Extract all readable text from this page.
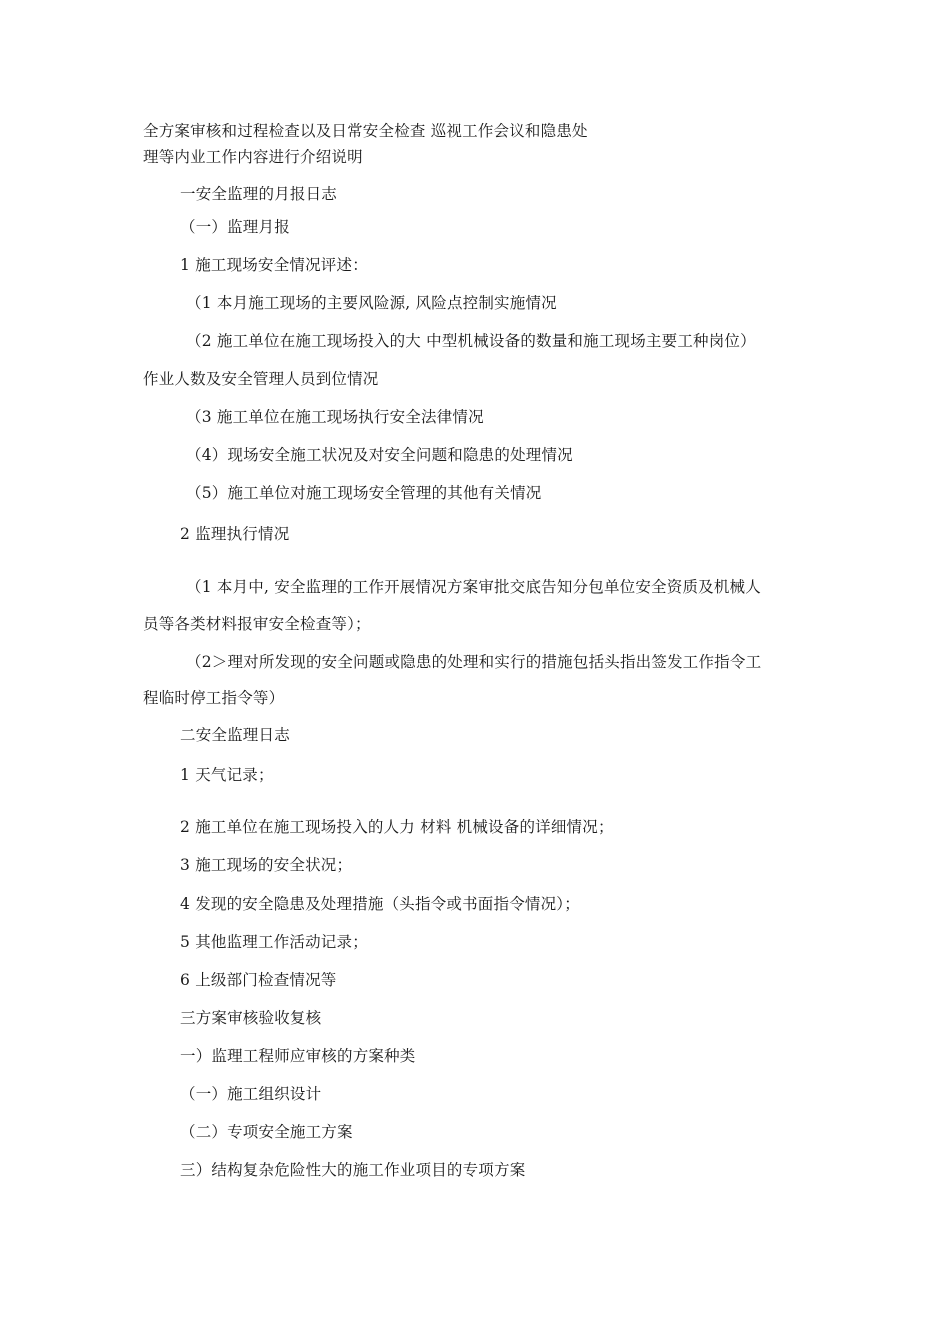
全方案审核和过程检查以及日常安全检查 巡视工作会议和隐患处
理等内业工作内容进行介绍说明
一安全监理的月报日志
（一）监理月报
1 施工现场安全情况评述：
（1 本月施工现场的主要风险源, 风险点控制实施情况
（2 施工单位在施工现场投入的大 中型机械设备的数量和施工现场主要工种岗位）
作业人数及安全管理人员到位情况
（3 施工单位在施工现场执行安全法律情况
（4）现场安全施工状况及对安全问题和隐患的处理情况
（5）施工单位对施工现场安全管理的其他有关情况
2 监理执行情况
（1 本月中, 安全监理的工作开展情况方案审批交底告知分包单位安全资质及机械人
员等各类材料报审安全检查等）；
（2＞理对所发现的安全问题或隐患的处理和实行的措施包括头指出签发工作指令工
程临时停工指令等）
二安全监理日志
1 天气记录；
2 施工单位在施工现场投入的人力 材料 机械设备的详细情况；
3 施工现场的安全状况；
4 发现的安全隐患及处理措施（头指令或书面指令情况）；
5 其他监理工作活动记录；
6 上级部门检查情况等
三方案审核验收复核
一）监理工程师应审核的方案种类
（一）施工组织设计
（二）专项安全施工方案
三）结构复杂危险性大的施工作业项目的专项方案
